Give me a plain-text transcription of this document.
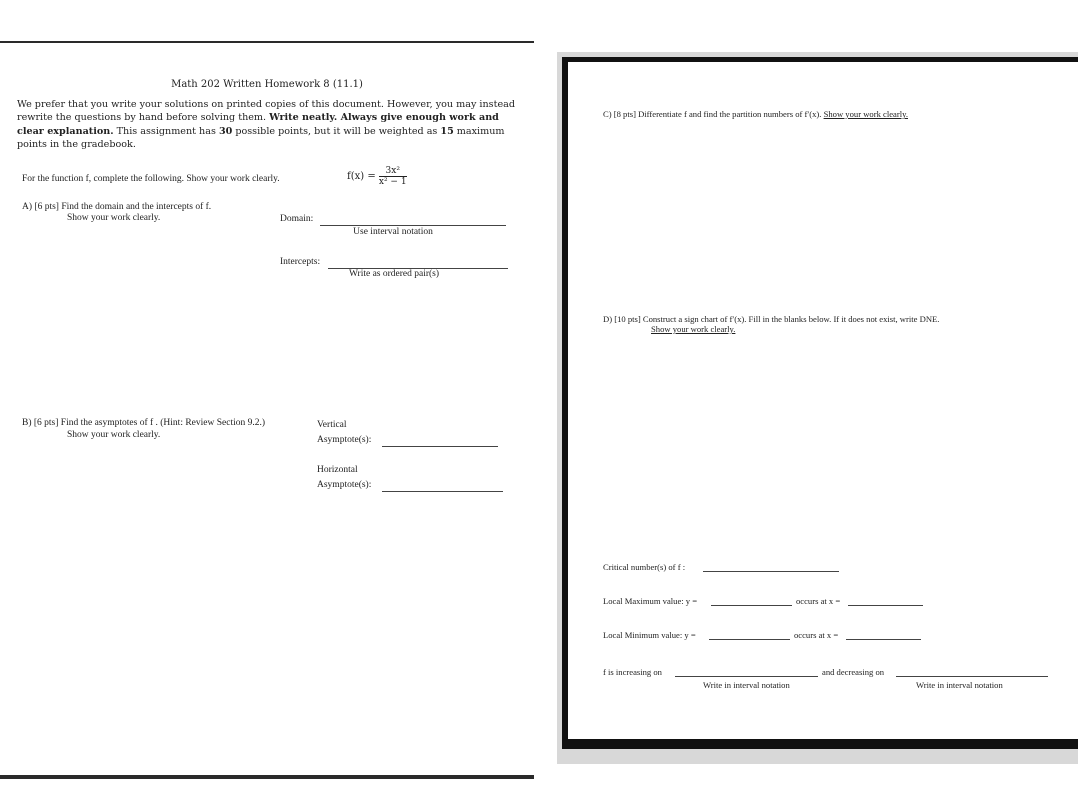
Math 202 Written Homework 8 (11.1)
We prefer that you write your solutions on printed copies of this document. However, you may instead rewrite the questions by hand before solving them. Write neatly. Always give enough work and clear explanation. This assignment has 30 possible points, but it will be weighted as 15 maximum points in the gradebook.
For the function f, complete the following. Show your work clearly.	$f(x) = \frac{\text{3x²}}{\text{x² − 1}}$
A) [6 pts] Find the domain and the intercepts of f.
Show your work clearly.	Domain:
Use interval notation
Intercepts:
Write as ordered pair(s)
B) [6 pts] Find the asymptotes of f . (Hint: Review Section 9.2.)
Show your work clearly.
Vertical
Asymptote(s):
Horizontal
Asymptote(s):
C) [8 pts] Differentiate f and find the partition numbers of f′(x). Show your work clearly.
D) [10 pts] Construct a sign chart of f′(x). Fill in the blanks below. If it does not exist, write DNE.
Show your work clearly.
Critical number(s) of f :
Local Maximum value: y =	occurs at x =
Local Minimum value: y =	occurs at x =
f is increasing on	and decreasing on
Write in interval notation	Write in interval notation
